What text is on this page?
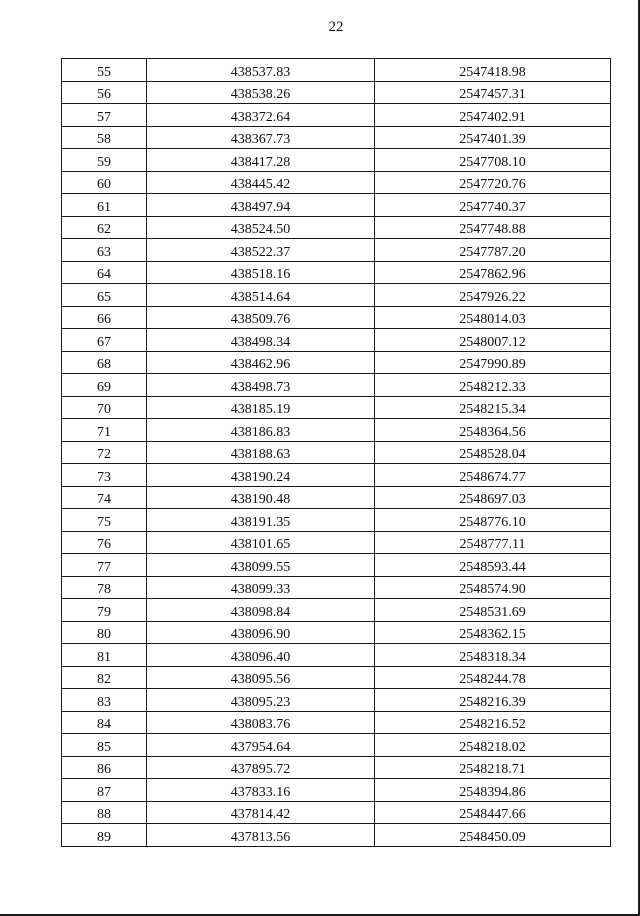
22
55	438537.83	2547418.98
56	438538.26	2547457.31
57	438372.64	2547402.91
58	438367.73	2547401.39
59	438417.28	2547708.10
60	438445.42	2547720.76
61	438497.94	2547740.37
62	438524.50	2547748.88
63	438522.37	2547787.20
64	438518.16	2547862.96
65	438514.64	2547926.22
66	438509.76	2548014.03
67	438498.34	2548007.12
68	438462.96	2547990.89
69	438498.73	2548212.33
70	438185.19	2548215.34
71	438186.83	2548364.56
72	438188.63	2548528.04
73	438190.24	2548674.77
74	438190.48	2548697.03
75	438191.35	2548776.10
76	438101.65	2548777.11
77	438099.55	2548593.44
78	438099.33	2548574.90
79	438098.84	2548531.69
80	438096.90	2548362.15
81	438096.40	2548318.34
82	438095.56	2548244.78
83	438095.23	2548216.39
84	438083.76	2548216.52
85	437954.64	2548218.02
86	437895.72	2548218.71
87	437833.16	2548394.86
88	437814.42	2548447.66
89	437813.56	2548450.09
